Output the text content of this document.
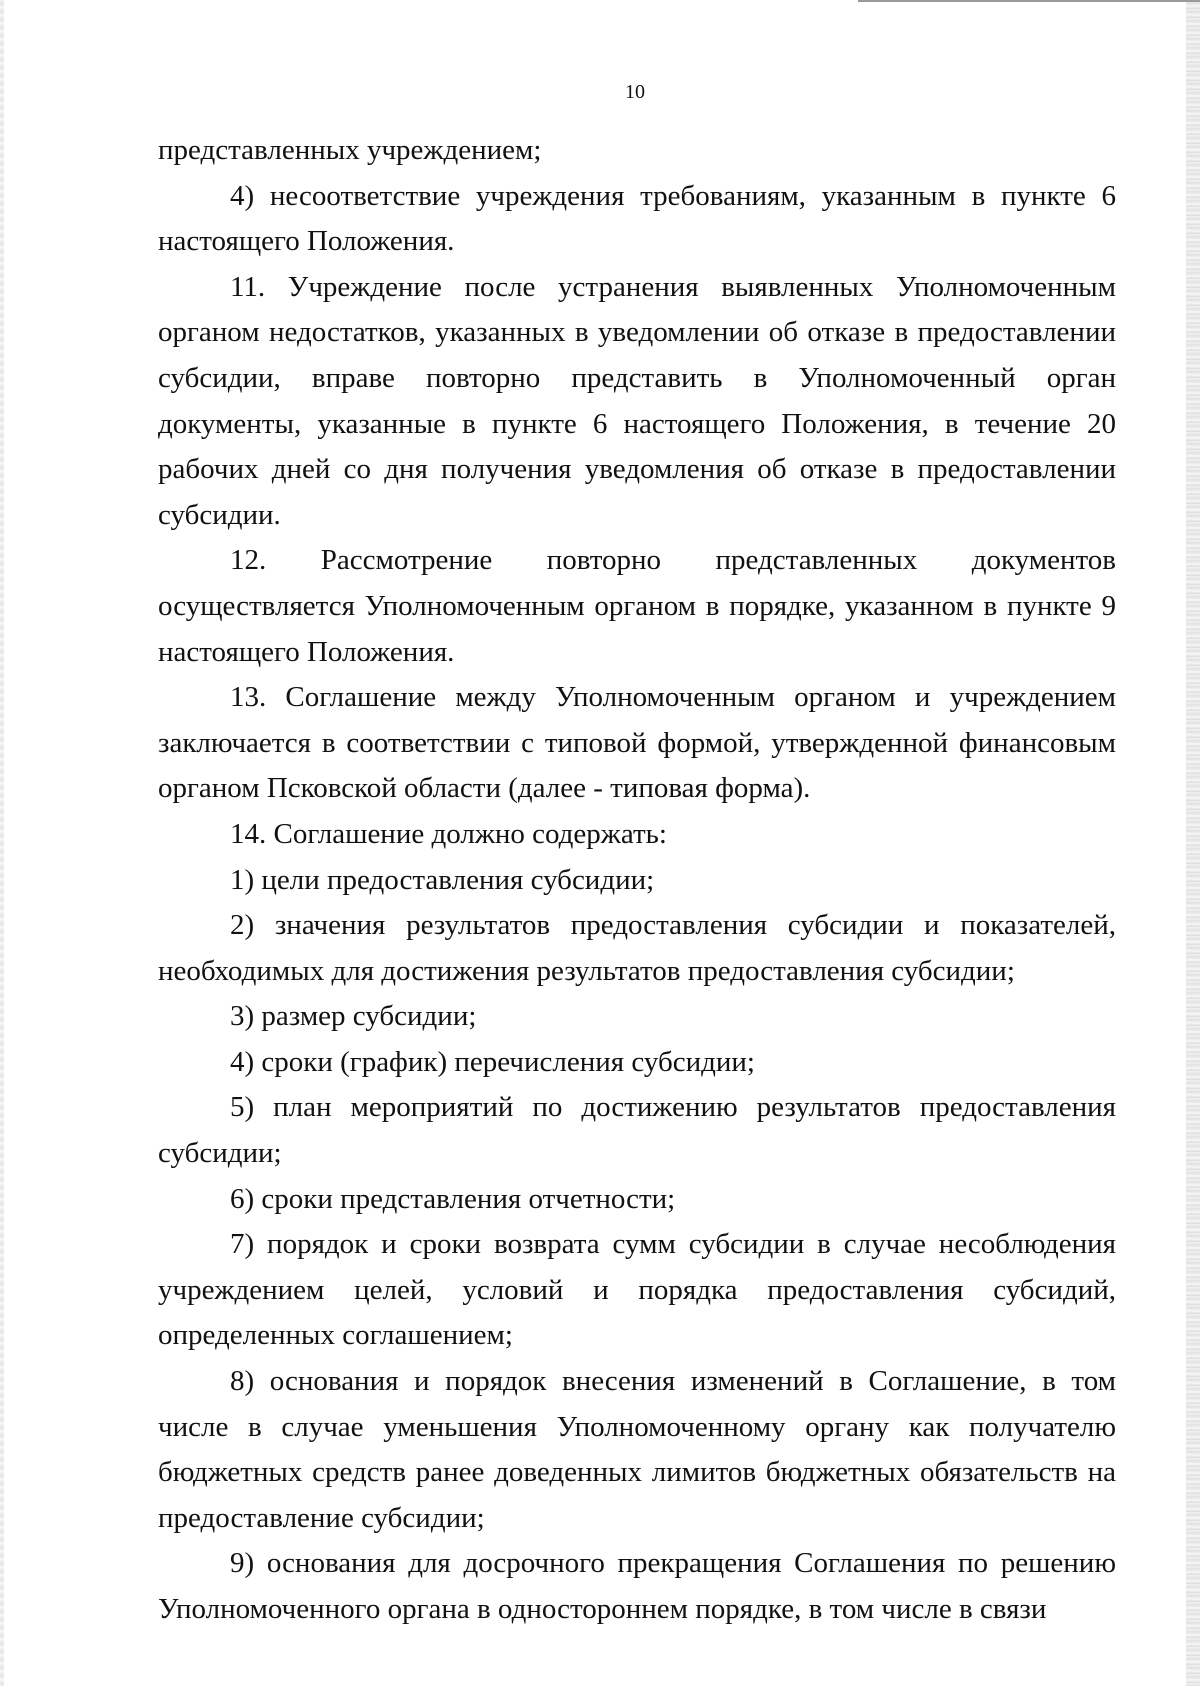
10

представленных учреждением;

4) несоответствие учреждения требованиям, указанным в пункте 6 настоящего Положения.

11. Учреждение после устранения выявленных Уполномоченным органом недостатков, указанных в уведомлении об отказе в предоставлении субсидии, вправе повторно представить в Уполномоченный орган документы, указанные в пункте 6 настоящего Положения, в течение 20 рабочих дней со дня получения уведомления об отказе в предоставлении субсидии.

12. Рассмотрение повторно представленных документов осуществляется Уполномоченным органом в порядке, указанном в пункте 9 настоящего Положения.

13. Соглашение между Уполномоченным органом и учреждением заключается в соответствии с типовой формой, утвержденной финансовым органом Псковской области (далее - типовая форма).

14. Соглашение должно содержать:

1) цели предоставления субсидии;

2) значения результатов предоставления субсидии и показателей, необходимых для достижения результатов предоставления субсидии;

3) размер субсидии;

4) сроки (график) перечисления субсидии;

5) план мероприятий по достижению результатов предоставления субсидии;

6) сроки представления отчетности;

7) порядок и сроки возврата сумм субсидии в случае несоблюдения учреждением целей, условий и порядка предоставления субсидий, определенных соглашением;

8) основания и порядок внесения изменений в Соглашение, в том числе в случае уменьшения Уполномоченному органу как получателю бюджетных средств ранее доведенных лимитов бюджетных обязательств на предоставление субсидии;

9) основания для досрочного прекращения Соглашения по решению Уполномоченного органа в одностороннем порядке, в том числе в связи
